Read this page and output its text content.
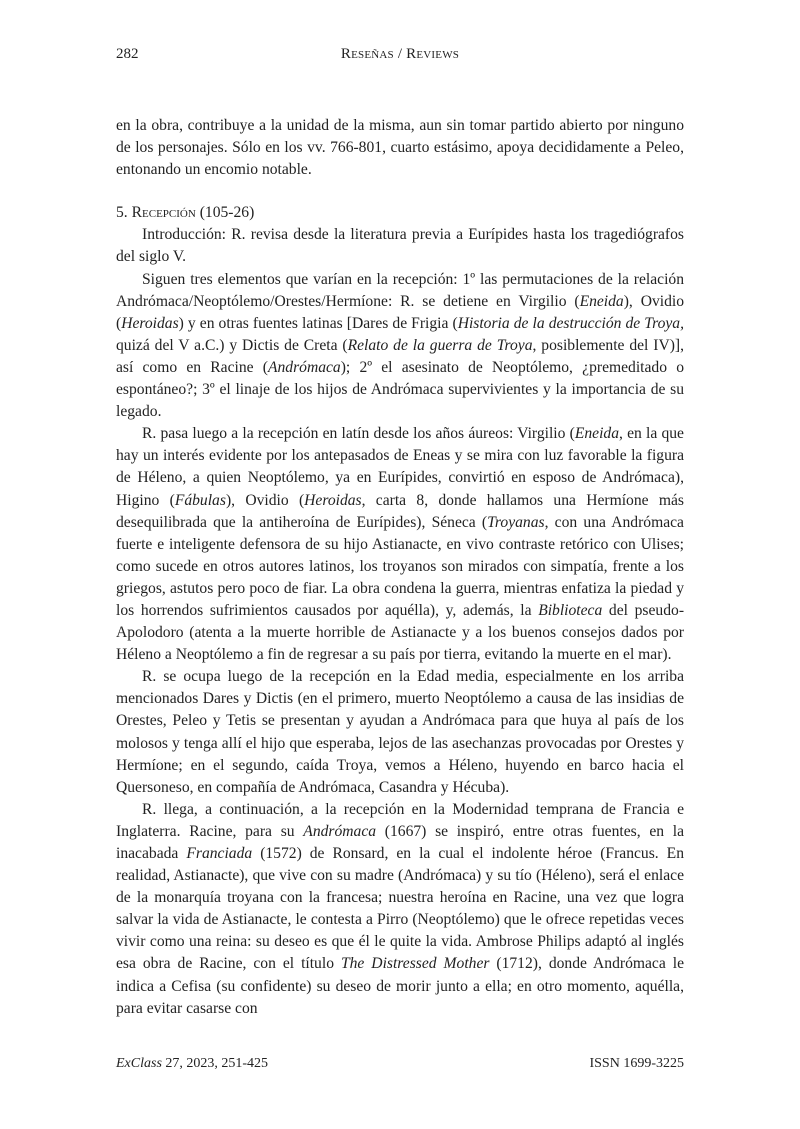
282	Reseñas / Reviews

en la obra, contribuye a la unidad de la misma, aun sin tomar partido abierto por ninguno de los personajes. Sólo en los vv. 766-801, cuarto estásimo, apoya decididamente a Peleo, entonando un encomio notable.

5. Recepción (105-26)

Introducción: R. revisa desde la literatura previa a Eurípides hasta los tragediógrafos del siglo V.

Siguen tres elementos que varían en la recepción: 1º las permutaciones de la relación Andrómaca/Neoptólemo/Orestes/Hermíone: R. se detiene en Virgilio (Eneida), Ovidio (Heroidas) y en otras fuentes latinas [Dares de Frigia (Historia de la destrucción de Troya, quizá del V a.C.) y Dictis de Creta (Relato de la guerra de Troya, posiblemente del IV)], así como en Racine (Andrómaca); 2º el asesinato de Neoptólemo, ¿premeditado o espontáneo?; 3º el linaje de los hijos de Andrómaca supervivientes y la importancia de su legado.

R. pasa luego a la recepción en latín desde los años áureos: Virgilio (Eneida, en la que hay un interés evidente por los antepasados de Eneas y se mira con luz favorable la figura de Héleno, a quien Neoptólemo, ya en Eurípides, convirtió en esposo de Andrómaca), Higino (Fábulas), Ovidio (Heroidas, carta 8, donde hallamos una Hermíone más desequilibrada que la antiheroína de Eurípides), Séneca (Troyanas, con una Andrómaca fuerte e inteligente defensora de su hijo Astianacte, en vivo contraste retórico con Ulises; como sucede en otros autores latinos, los troyanos son mirados con simpatía, frente a los griegos, astutos pero poco de fiar. La obra condena la guerra, mientras enfatiza la piedad y los horrendos sufrimientos causados por aquélla), y, además, la Biblioteca del pseudo-Apolodoro (atenta a la muerte horrible de Astianacte y a los buenos consejos dados por Héleno a Neoptólemo a fin de regresar a su país por tierra, evitando la muerte en el mar).

R. se ocupa luego de la recepción en la Edad media, especialmente en los arriba mencionados Dares y Dictis (en el primero, muerto Neoptólemo a causa de las insidias de Orestes, Peleo y Tetis se presentan y ayudan a Andrómaca para que huya al país de los molosos y tenga allí el hijo que esperaba, lejos de las asechanzas provocadas por Orestes y Hermíone; en el segundo, caída Troya, vemos a Héleno, huyendo en barco hacia el Quersoneso, en compañía de Andrómaca, Casandra y Hécuba).

R. llega, a continuación, a la recepción en la Modernidad temprana de Francia e Inglaterra. Racine, para su Andrómaca (1667) se inspiró, entre otras fuentes, en la inacabada Franciada (1572) de Ronsard, en la cual el indolente héroe (Francus. En realidad, Astianacte), que vive con su madre (Andrómaca) y su tío (Héleno), será el enlace de la monarquía troyana con la francesa; nuestra heroína en Racine, una vez que logra salvar la vida de Astianacte, le contesta a Pirro (Neoptólemo) que le ofrece repetidas veces vivir como una reina: su deseo es que él le quite la vida. Ambrose Philips adaptó al inglés esa obra de Racine, con el título The Distressed Mother (1712), donde Andrómaca le indica a Cefisa (su confidente) su deseo de morir junto a ella; en otro momento, aquélla, para evitar casarse con

ExClass 27, 2023, 251-425	ISSN 1699-3225
